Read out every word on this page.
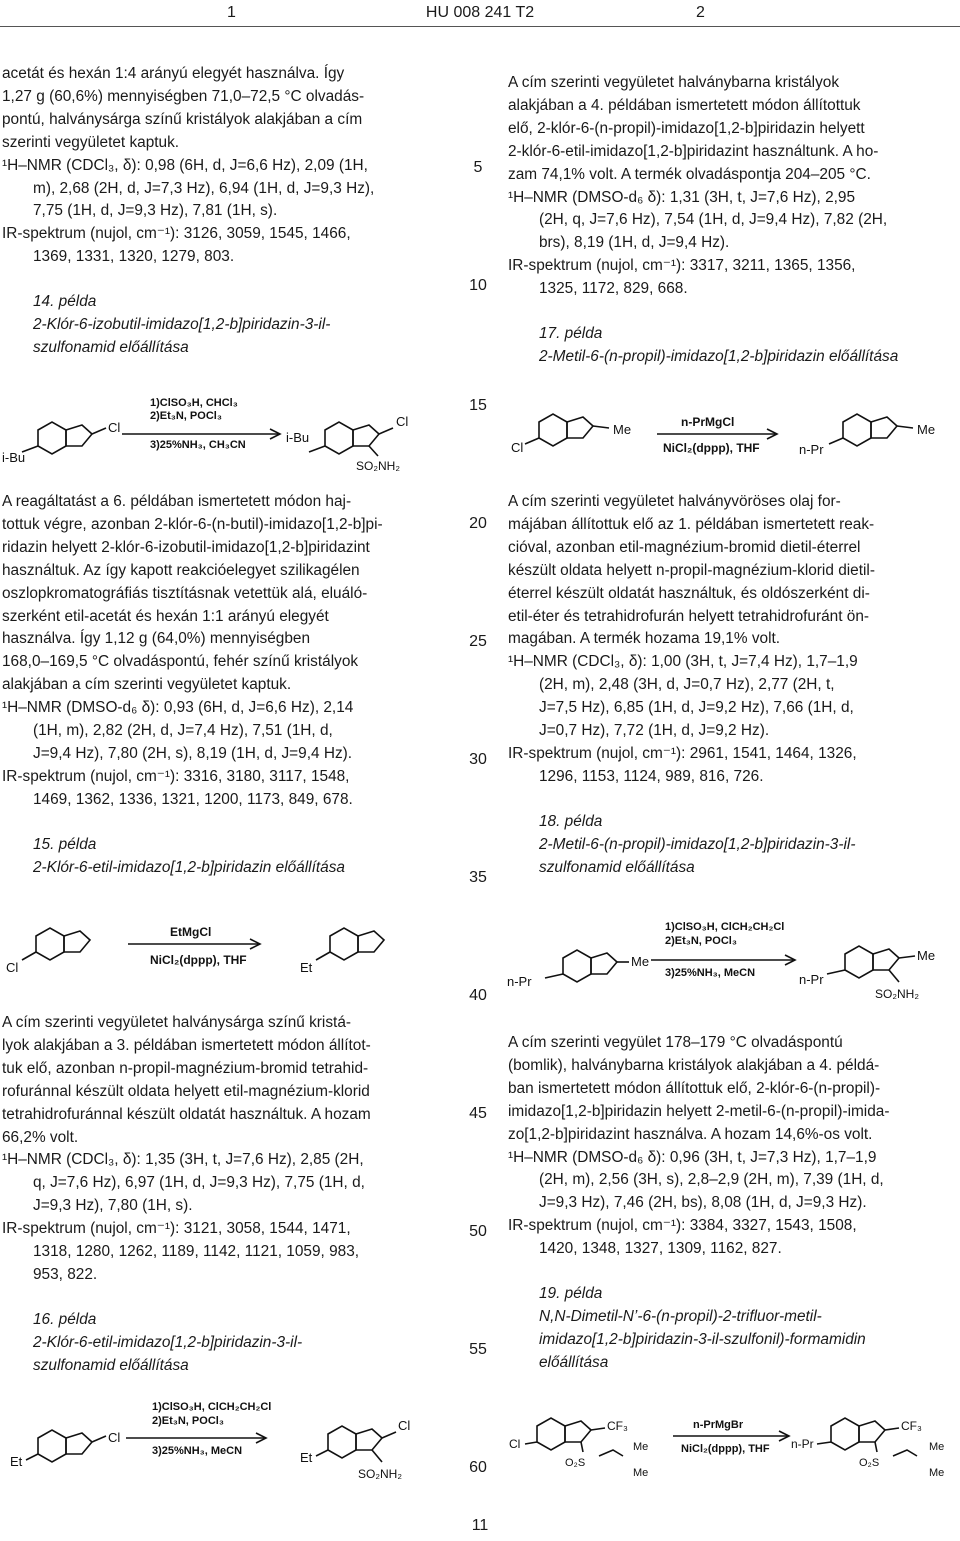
1	HU 008 241 T2	2
5
10
15
20
25
30
35
40
45
50
55
60

acetát és hexán 1:4 arányú elegyét használva. Így

1,27 g (60,6%) mennyiségben 71,0–72,5 °C olvadás-

pontú, halványsárga színű kristályok alakjában a cím

szerinti vegyületet kaptuk.

¹H–NMR (CDCl₃, δ): 0,98 (6H, d, J=6,6 Hz), 2,09 (1H,

m), 2,68 (2H, d, J=7,3 Hz), 6,94 (1H, d, J=9,3 Hz),

7,75 (1H, d, J=9,3 Hz), 7,81 (1H, s).

IR-spektrum (nujol, cm⁻¹): 3126, 3059, 1545, 1466,

1369, 1331, 1320, 1279, 803.

14. példa

2-Klór-6-izobutil-imidazo[1,2-b]piridazin-3-il-

szulfonamid előállítása

i-Bu
Cl
1)ClSO₃H, CHCl₃
2)Et₃N, POCl₃
3)25%NH₃, CH₃CN	i-Bu
Cl
SO₂NH₂

A reagáltatást a 6. példában ismertetett módon haj-

tottuk végre, azonban 2-klór-6-(n-butil)-imidazo[1,2-b]pi-

ridazin helyett 2-klór-6-izobutil-imidazo[1,2-b]piridazint

használtuk. Az így kapott reakcióelegyet szilikagélen

oszlopkromatográfiás tisztításnak vetettük alá, eluáló-

szerként etil-acetát és hexán 1:1 arányú elegyét

használva. Így 1,12 g (64,0%) mennyiségben

168,0–169,5 °C olvadáspontú, fehér színű kristályok

alakjában a cím szerinti vegyületet kaptuk.

¹H–NMR (DMSO-d₆ δ): 0,93 (6H, d, J=6,6 Hz), 2,14

(1H, m), 2,82 (2H, d, J=7,4 Hz), 7,51 (1H, d,

J=9,4 Hz), 7,80 (2H, s), 8,19 (1H, d, J=9,4 Hz).

IR-spektrum (nujol, cm⁻¹): 3316, 3180, 3117, 1548,

1469, 1362, 1336, 1321, 1200, 1173, 849, 678.

15. példa

2-Klór-6-etil-imidazo[1,2-b]piridazin előállítása

Cl
EtMgCl
NiCl₂(dppp), THF	Et

A cím szerinti vegyületet halványsárga színű kristá-

lyok alakjában a 3. példában ismertetett módon állítot-

tuk elő, azonban n-propil-magnézium-bromid tetrahid-

rofuránnal készült oldata helyett etil-magnézium-klorid

tetrahidrofuránnal készült oldatát használtuk. A hozam

66,2% volt.

¹H–NMR (CDCl₃, δ): 1,35 (3H, t, J=7,6 Hz), 2,85 (2H,

q, J=7,6 Hz), 6,97 (1H, d, J=9,3 Hz), 7,75 (1H, d,

J=9,3 Hz), 7,80 (1H, s).

IR-spektrum (nujol, cm⁻¹): 3121, 3058, 1544, 1471,

1318, 1280, 1262, 1189, 1142, 1121, 1059, 983,

953, 822.

16. példa

2-Klór-6-etil-imidazo[1,2-b]piridazin-3-il-

szulfonamid előállítása

Et
Cl
1)ClSO₃H, ClCH₂CH₂Cl
2)Et₃N, POCl₃
3)25%NH₃, MeCN	Et
Cl
SO₂NH₂

A cím szerinti vegyületet halványbarna kristályok

alakjában a 4. példában ismertetett módon állítottuk

elő, 2-klór-6-(n-propil)-imidazo[1,2-b]piridazin helyett

2-klór-6-etil-imidazo[1,2-b]piridazint használtunk. A ho-

zam 74,1% volt. A termék olvadáspontja 204–205 °C.

¹H–NMR (DMSO-d₆ δ): 1,31 (3H, t, J=7,6 Hz), 2,95

(2H, q, J=7,6 Hz), 7,54 (1H, d, J=9,4 Hz), 7,82 (2H,

brs), 8,19 (1H, d, J=9,4 Hz).

IR-spektrum (nujol, cm⁻¹): 3317, 3211, 1365, 1356,

1325, 1172, 829, 668.

17. példa

2-Metil-6-(n-propil)-imidazo[1,2-b]piridazin előállítása

Cl
Me	n-PrMgCl
NiCl₂(dppp), THF	n-Pr
Me

A cím szerinti vegyületet halványvöröses olaj for-

májában állítottuk elő az 1. példában ismertetett reak-

cióval, azonban etil-magnézium-bromid dietil-éterrel

készült oldata helyett n-propil-magnézium-klorid dietil-

éterrel készült oldatát használtuk, és oldószerként di-

etil-éter és tetrahidrofurán helyett tetrahidrofuránt ön-

magában. A termék hozama 19,1% volt.

¹H–NMR (CDCl₃, δ): 1,00 (3H, t, J=7,4 Hz), 1,7–1,9

(2H, m), 2,48 (3H, d, J=0,7 Hz), 2,77 (2H, t,

J=7,5 Hz), 6,85 (1H, d, J=9,2 Hz), 7,66 (1H, d,

J=0,7 Hz), 7,72 (1H, d, J=9,2 Hz).

IR-spektrum (nujol, cm⁻¹): 2961, 1541, 1464, 1326,

1296, 1153, 1124, 989, 816, 726.

18. példa

2-Metil-6-(n-propil)-imidazo[1,2-b]piridazin-3-il-

szulfonamid előállítása

n-Pr
Me
1)ClSO₃H, ClCH₂CH₂Cl
2)Et₃N, POCl₃
3)25%NH₃, MeCN	n-Pr
Me
SO₂NH₂

A cím szerinti vegyület 178–179 °C olvadáspontú

(bomlik), halványbarna kristályok alakjában a 4. példá-

ban ismertetett módon állítottuk elő, 2-klór-6-(n-propil)-

imidazo[1,2-b]piridazin helyett 2-metil-6-(n-propil)-imida-

zo[1,2-b]piridazint használva. A hozam 14,6%-os volt.

¹H–NMR (DMSO-d₆ δ): 0,96 (3H, t, J=7,3 Hz), 1,7–1,9

(2H, m), 2,56 (3H, s), 2,8–2,9 (2H, m), 7,39 (1H, d,

J=9,3 Hz), 7,46 (2H, bs), 8,08 (1H, d, J=9,3 Hz).

IR-spektrum (nujol, cm⁻¹): 3384, 3327, 1543, 1508,

1420, 1348, 1327, 1309, 1162, 827.

19. példa

N,N-Dimetil-N’-6-(n-propil)-2-trifluor-metil-

imidazo[1,2-b]piridazin-3-il-szulfonil)-formamidin

előállítása

Cl
CF₃
O₂S
Me
Me
n-PrMgBr
NiCl₂(dppp), THF n-Pr
CF₃
O₂S
Me
Me
11
